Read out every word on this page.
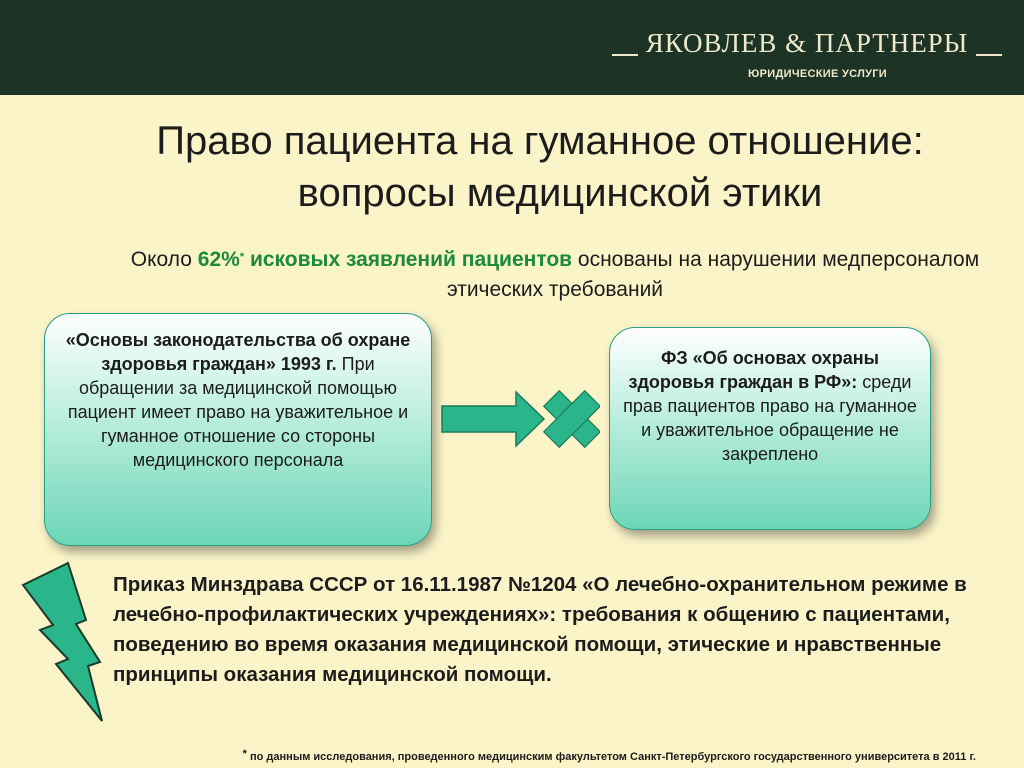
ЯКОВЛЕВ & ПАРТНЕРЫ
ЮРИДИЧЕСКИЕ УСЛУГИ
Право пациента на гуманное отношение:
вопросы медицинской этики
Около 62%* исковых заявлений пациентов основаны на нарушении медперсоналом этических требований
«Основы законодательства об охране здоровья граждан» 1993 г. При обращении за медицинской помощью пациент имеет право на уважительное и гуманное отношение со стороны медицинского персонала
ФЗ «Об основах охраны здоровья граждан в РФ»: среди прав пациентов право на гуманное и уважительное обращение не закреплено
Приказ Минздрава СССР от 16.11.1987 №1204 «О лечебно-охранительном режиме в лечебно-профилактических учреждениях»: требования к общению с пациентами, поведению во время оказания медицинской помощи, этические и нравственные принципы оказания медицинской помощи.
* по данным исследования, проведенного медицинским факультетом Санкт-Петербургского государственного университета в 2011 г.
